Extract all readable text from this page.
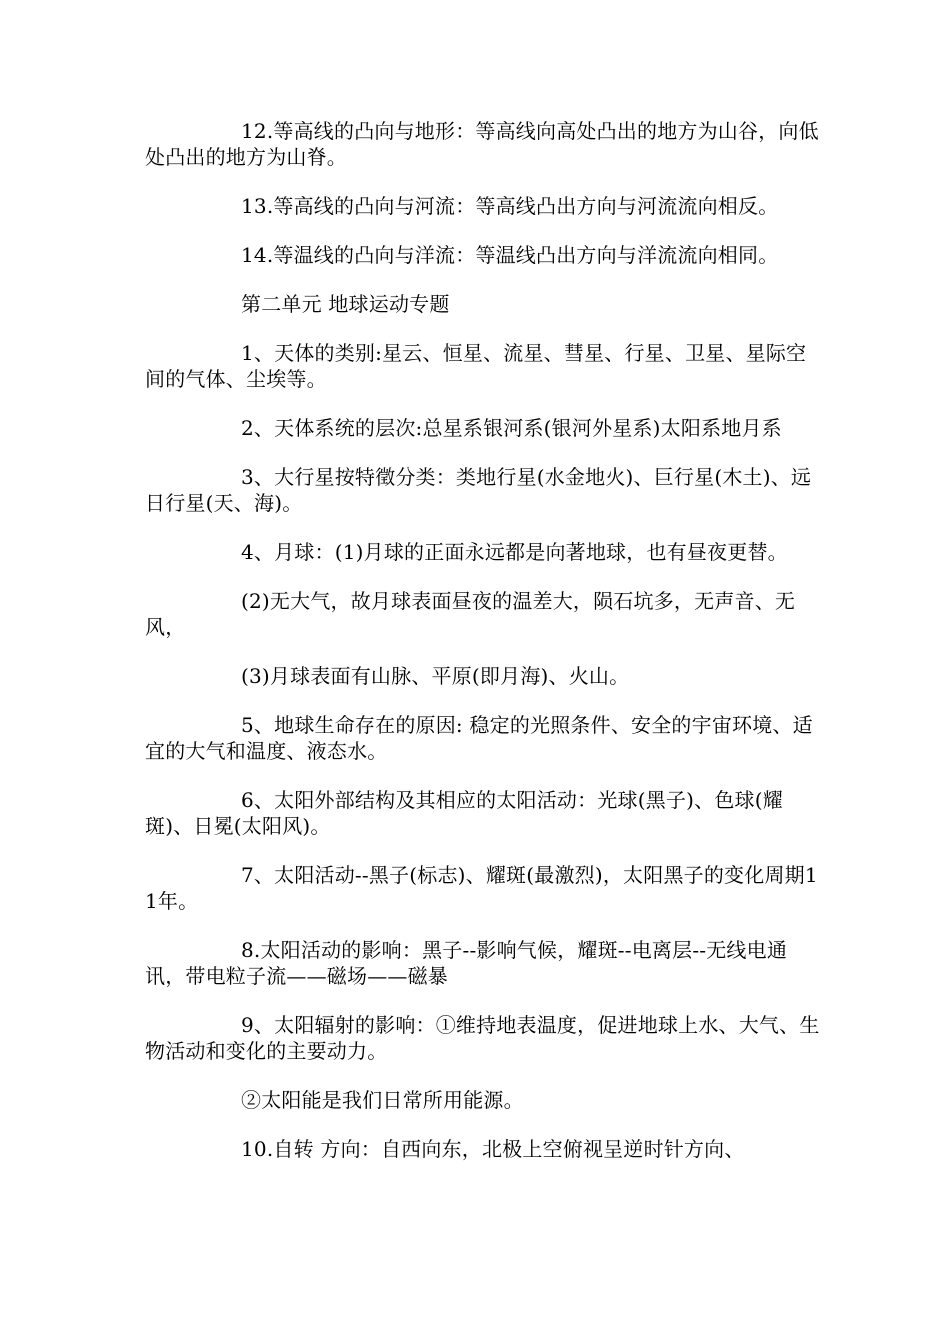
12.等高线的凸向与地形：等高线向高处凸出的地方为山谷，向低处凸出的地方为山脊。

13.等高线的凸向与河流：等高线凸出方向与河流流向相反。

14.等温线的凸向与洋流：等温线凸出方向与洋流流向相同。

第二单元 地球运动专题

1、天体的类别:星云、恒星、流星、彗星、行星、卫星、星际空间的气体、尘埃等。

2、天体系统的层次:总星系银河系(银河外星系)太阳系地月系

3、大行星按特徵分类：类地行星(水金地火)、巨行星(木土)、远日行星(天、海)。

4、月球：(1)月球的正面永远都是向著地球，也有昼夜更替。

(2)无大气，故月球表面昼夜的温差大，陨石坑多，无声音、无风，

(3)月球表面有山脉、平原(即月海)、火山。

5、地球生命存在的原因: 稳定的光照条件、安全的宇宙环境、适宜的大气和温度、液态水。

6、太阳外部结构及其相应的太阳活动：光球(黑子)、色球(耀斑)、日冕(太阳风)。

7、太阳活动--黑子(标志)、耀斑(最激烈)，太阳黑子的变化周期11年。

8.太阳活动的影响：黑子--影响气候，耀斑--电离层--无线电通讯，带电粒子流——磁场——磁暴

9、太阳辐射的影响：①维持地表温度，促进地球上水、大气、生物活动和变化的主要动力。

②太阳能是我们日常所用能源。

10.自转 方向：自西向东，北极上空俯视呈逆时针方向、
